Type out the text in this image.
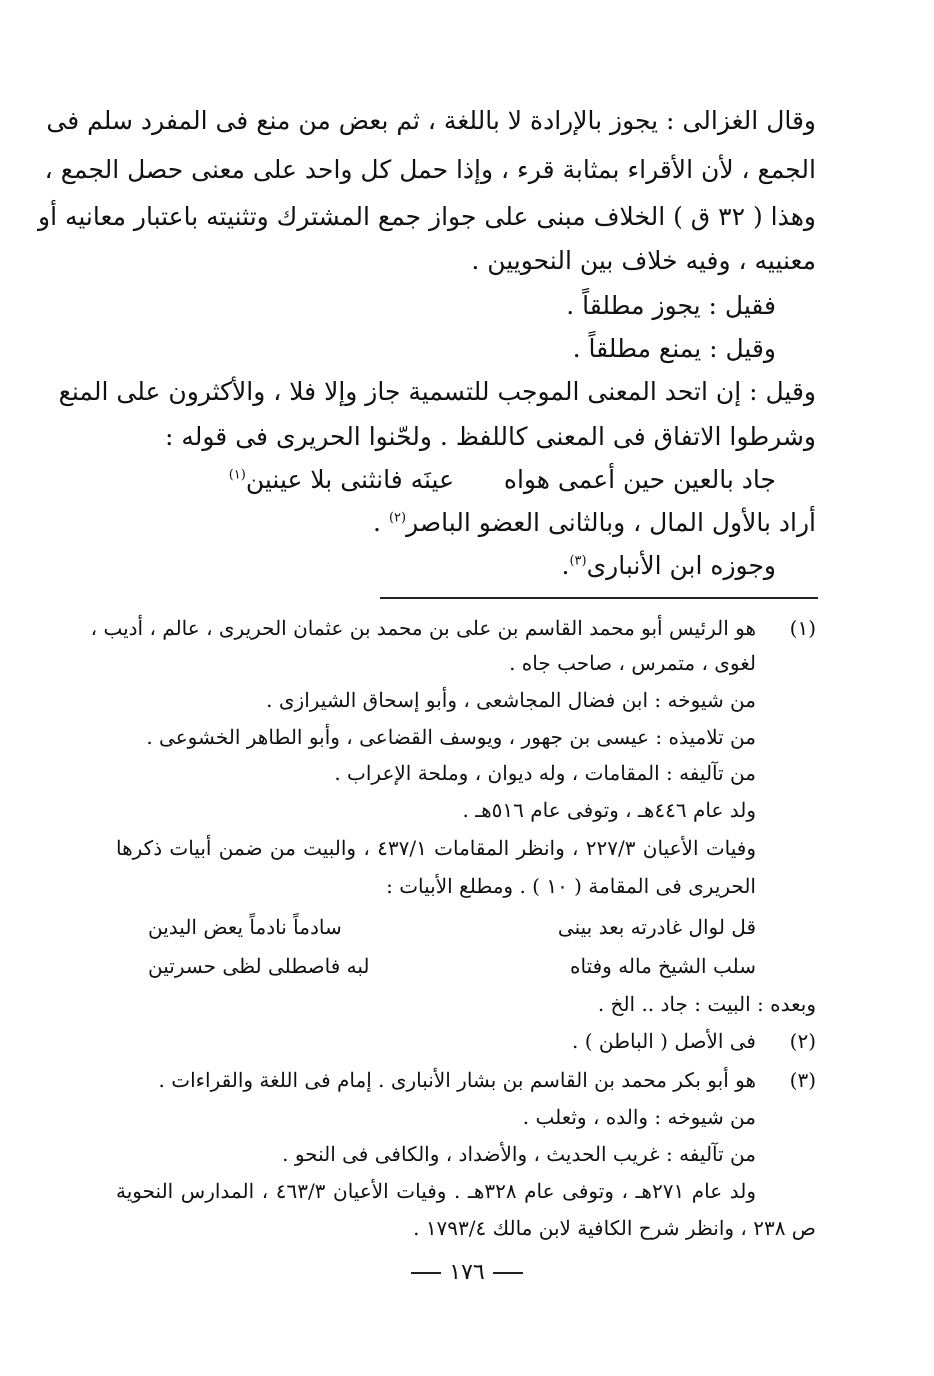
وقال الغزالى : يجوز بالإرادة لا باللغة ، ثم بعض من منع فى المفرد سلم فى
الجمع ، لأن الأقراء بمثابة قرء ، وإذا حمل كل واحد على معنى حصل الجمع ،
وهذا ( ٣٢ ق ) الخلاف مبنى على جواز جمع المشترك وتثنيته باعتبار معانيه أو
معنييه ، وفيه خلاف بين النحويين .
فقيل : يجوز مطلقاً .
وقيل : يمنع مطلقاً .
وقيل : إن اتحد المعنى الموجب للتسمية جاز وإلا فلا ، والأكثرون على المنع
وشرطوا الاتفاق فى المعنى كاللفظ . ولحّنوا الحريرى فى قوله :
جاد بالعين حين أعمى هواه
عينَه فانثنى بلا عينين$^{(١)}$
أراد بالأول المال ، وبالثانى العضو الباصر$^{(٢)}$ .
وجوزه ابن الأنبارى$^{(٣)}$.
(١)
هو الرئيس أبو محمد القاسم بن على بن محمد بن عثمان الحريرى ، عالم ، أديب ،
لغوى ، متمرس ، صاحب جاه .
من شيوخه : ابن فضال المجاشعى ، وأبو إسحاق الشيرازى .
من تلاميذه : عيسى بن جهور ، ويوسف القضاعى ، وأبو الطاهر الخشوعى .
من تآليفه : المقامات ، وله ديوان ، وملحة الإعراب .
ولد عام ٤٤٦هـ ، وتوفى عام ٥١٦هـ .
وفيات الأعيان ٢٢٧/٣ ، وانظر المقامات ٤٣٧/١ ، والبيت من ضمن أبيات ذكرها
الحريرى فى المقامة ( ١٠ ) . ومطلع الأبيات :
قل لوال غادرته بعد بينى
سادماً نادماً يعض اليدين
سلب الشيخ ماله وفتاه
لبه فاصطلى لظى حسرتين
وبعده : البيت : جاد .. الخ .
(٢)
فى الأصل ( الباطن ) .
(٣)
هو أبو بكر محمد بن القاسم بن بشار الأنبارى . إمام فى اللغة والقراءات .
من شيوخه : والده ، وثعلب .
من تآليفه : غريب الحديث ، والأضداد ، والكافى فى النحو .
ولد عام ٢٧١هـ ، وتوفى عام ٣٢٨هـ . وفيات الأعيان ٤٦٣/٣ ، المدارس النحوية
ص ٢٣٨ ، وانظر شرح الكافية لابن مالك ١٧٩٣/٤ .
١٧٦
